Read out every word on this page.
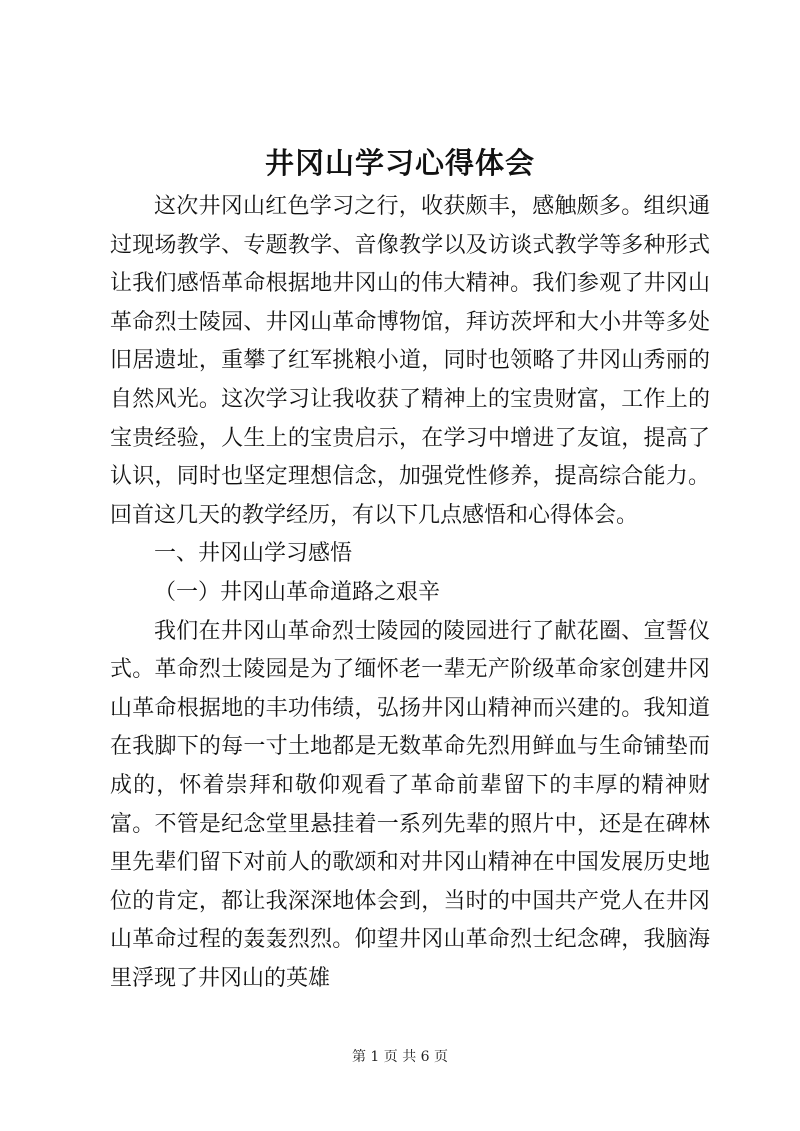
井冈山学习心得体会

这次井冈山红色学习之行，收获颇丰，感触颇多。组织通过现场教学、专题教学、音像教学以及访谈式教学等多种形式让我们感悟革命根据地井冈山的伟大精神。我们参观了井冈山革命烈士陵园、井冈山革命博物馆，拜访茨坪和大小井等多处旧居遗址，重攀了红军挑粮小道，同时也领略了井冈山秀丽的自然风光。这次学习让我收获了精神上的宝贵财富，工作上的宝贵经验，人生上的宝贵启示，在学习中增进了友谊，提高了认识，同时也坚定理想信念，加强党性修养，提高综合能力。回首这几天的教学经历，有以下几点感悟和心得体会。

一、井冈山学习感悟

（一）井冈山革命道路之艰辛

我们在井冈山革命烈士陵园的陵园进行了献花圈、宣誓仪式。革命烈士陵园是为了缅怀老一辈无产阶级革命家创建井冈山革命根据地的丰功伟绩，弘扬井冈山精神而兴建的。我知道在我脚下的每一寸土地都是无数革命先烈用鲜血与生命铺垫而成的，怀着崇拜和敬仰观看了革命前辈留下的丰厚的精神财富。不管是纪念堂里悬挂着一系列先辈的照片中，还是在碑林里先辈们留下对前人的歌颂和对井冈山精神在中国发展历史地位的肯定，都让我深深地体会到，当时的中国共产党人在井冈山革命过程的轰轰烈烈。仰望井冈山革命烈士纪念碑，我脑海里浮现了井冈山的英雄

第 1 页 共 6 页
